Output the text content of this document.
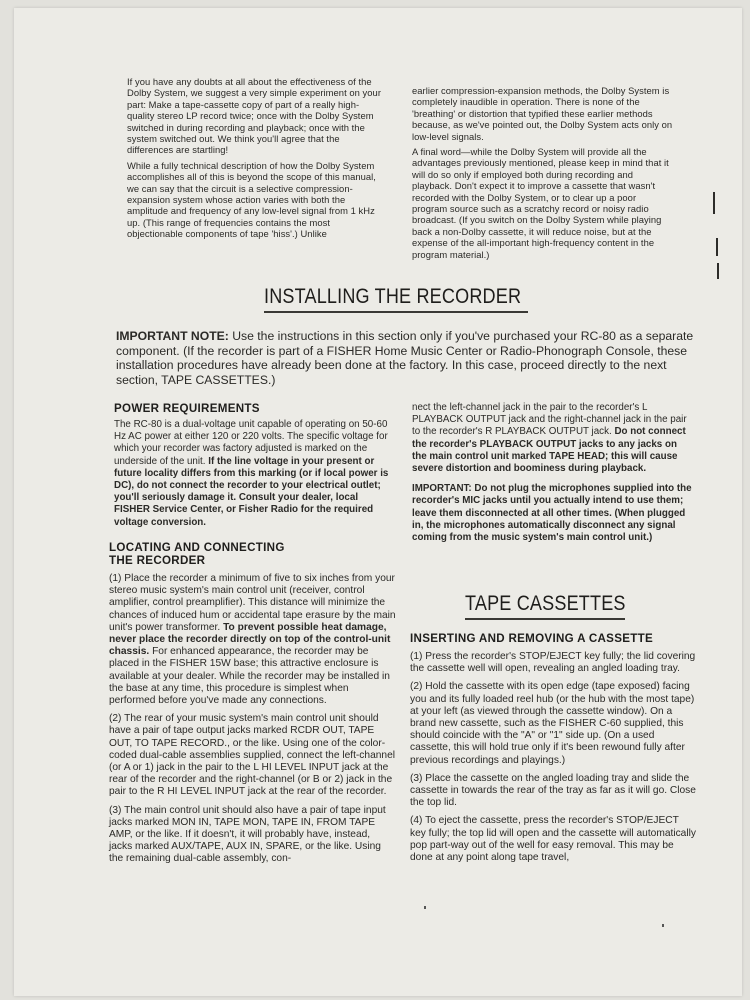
If you have any doubts at all about the effectiveness of the Dolby System, we suggest a very simple experiment on your part: Make a tape-cassette copy of part of a really high-quality stereo LP record twice; once with the Dolby System switched in during recording and playback; once with the system switched out. We think you'll agree that the differences are startling!

While a fully technical description of how the Dolby System accomplishes all of this is beyond the scope of this manual, we can say that the circuit is a selective compression-expansion system whose action varies with both the amplitude and frequency of any low-level signal from 1 kHz up. (This range of frequencies contains the most objectionable components of tape 'hiss'.) Unlike

earlier compression-expansion methods, the Dolby System is completely inaudible in operation. There is none of the 'breathing' or distortion that typified these earlier methods because, as we've pointed out, the Dolby System acts only on low-level signals.

A final word—while the Dolby System will provide all the advantages previously mentioned, please keep in mind that it will do so only if employed both during recording and playback. Don't expect it to improve a cassette that wasn't recorded with the Dolby System, or to clear up a poor program source such as a scratchy record or noisy radio broadcast. (If you switch on the Dolby System while playing back a non-Dolby cassette, it will reduce noise, but at the expense of the all-important high-frequency content in the program material.)

INSTALLING THE RECORDER
IMPORTANT NOTE: Use the instructions in this section only if you've purchased your RC-80 as a separate component. (If the recorder is part of a FISHER Home Music Center or Radio-Phonograph Console, these installation procedures have already been done at the factory. In this case, proceed directly to the next section, TAPE CASSETTES.)
POWER REQUIREMENTS

The RC-80 is a dual-voltage unit capable of operating on 50-60 Hz AC power at either 120 or 220 volts. The specific voltage for which your recorder was factory adjusted is marked on the underside of the unit. If the line voltage in your present or future locality differs from this marking (or if local power is DC), do not connect the recorder to your electrical outlet; you'll seriously damage it. Consult your dealer, local FISHER Service Center, or Fisher Radio for the required voltage conversion.

LOCATING AND CONNECTING
THE RECORDER

(1) Place the recorder a minimum of five to six inches from your stereo music system's main control unit (receiver, control amplifier, control preamplifier). This distance will minimize the chances of induced hum or accidental tape erasure by the main unit's power transformer. To prevent possible heat damage, never place the recorder directly on top of the control-unit chassis. For enhanced appearance, the recorder may be placed in the FISHER 15W base; this attractive enclosure is available at your dealer. While the recorder may be installed in the base at any time, this procedure is simplest when performed before you've made any connections.

(2) The rear of your music system's main control unit should have a pair of tape output jacks marked RCDR OUT, TAPE OUT, TO TAPE RECORD., or the like. Using one of the color-coded dual-cable assemblies supplied, connect the left-channel (or A or 1) jack in the pair to the L HI LEVEL INPUT jack at the rear of the recorder and the right-channel (or B or 2) jack in the pair to the R HI LEVEL INPUT jack at the rear of the recorder.

(3) The main control unit should also have a pair of tape input jacks marked MON IN, TAPE MON, TAPE IN, FROM TAPE AMP, or the like. If it doesn't, it will probably have, instead, jacks marked AUX/TAPE, AUX IN, SPARE, or the like. Using the remaining dual-cable assembly, con-

nect the left-channel jack in the pair to the recorder's L PLAYBACK OUTPUT jack and the right-channel jack in the pair to the recorder's R PLAYBACK OUTPUT jack. Do not connect the recorder's PLAYBACK OUTPUT jacks to any jacks on the main control unit marked TAPE HEAD; this will cause severe distortion and boominess during playback.

IMPORTANT: Do not plug the microphones supplied into the recorder's MIC jacks until you actually intend to use them; leave them disconnected at all other times. (When plugged in, the microphones automatically disconnect any signal coming from the music system's main control unit.)

TAPE CASSETTES
INSERTING AND REMOVING A CASSETTE

(1) Press the recorder's STOP/EJECT key fully; the lid covering the cassette well will open, revealing an angled loading tray.

(2) Hold the cassette with its open edge (tape exposed) facing you and its fully loaded reel hub (or the hub with the most tape) at your left (as viewed through the cassette window). On a brand new cassette, such as the FISHER C-60 supplied, this should coincide with the "A" or "1" side up. (On a used cassette, this will hold true only if it's been rewound fully after previous recordings and playings.)

(3) Place the cassette on the angled loading tray and slide the cassette in towards the rear of the tray as far as it will go. Close the top lid.

(4) To eject the cassette, press the recorder's STOP/EJECT key fully; the top lid will open and the cassette will automatically pop part-way out of the well for easy removal. This may be done at any point along tape travel,
